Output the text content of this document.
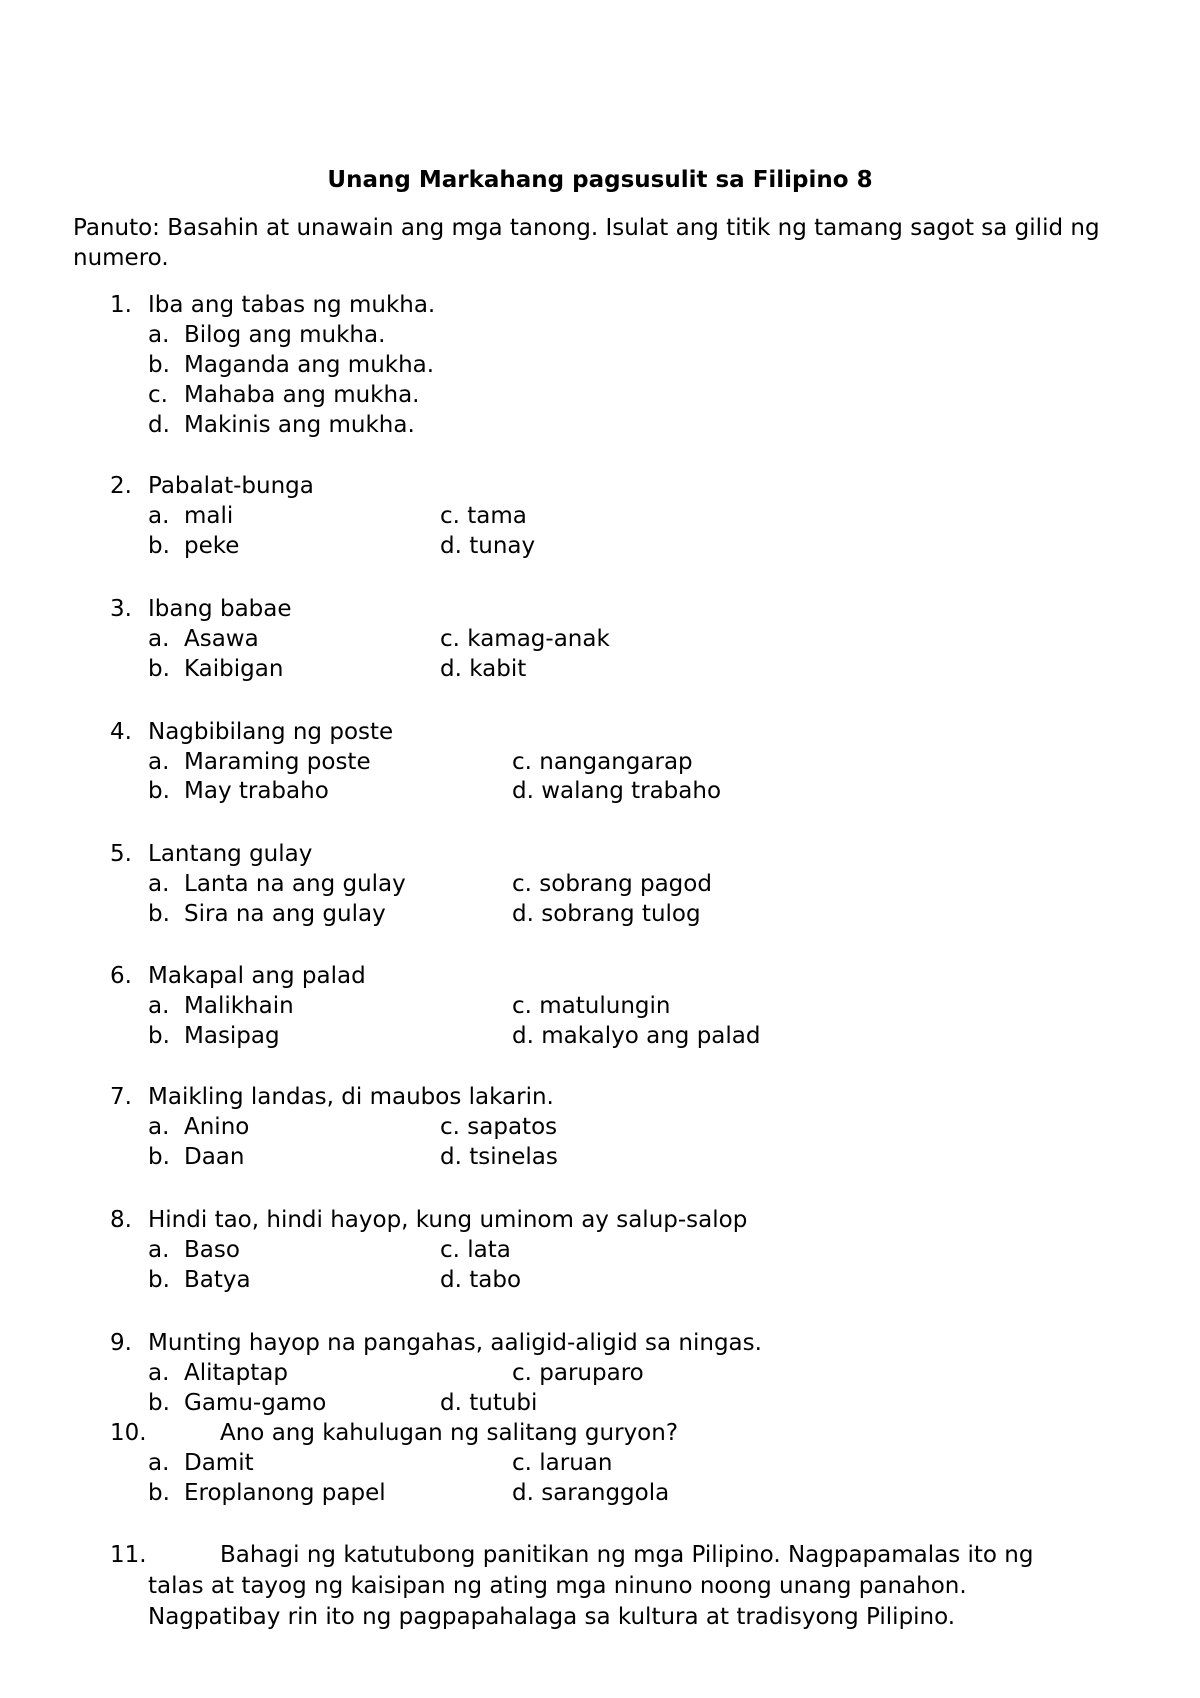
Unang Markahang pagsusulit sa Filipino 8
Panuto: Basahin at unawain ang mga tanong. Isulat ang titik ng tamang sagot sa gilid ng numero.
1. Iba ang tabas ng mukha.
a. Bilog ang mukha.
b. Maganda ang mukha.
c. Mahaba ang mukha.
d. Makinis ang mukha.
2. Pabalat-bunga
a. mali	c. tama
b. peke	d. tunay
3. Ibang babae
a. Asawa	c. kamag-anak
b. Kaibigan	d. kabit
4. Nagbibilang ng poste
a. Maraming poste	c. nangangarap
b. May trabaho	d. walang trabaho
5. Lantang gulay
a. Lanta na ang gulay	c. sobrang pagod
b. Sira na ang gulay	d. sobrang tulog
6. Makapal ang palad
a. Malikhain	c. matulungin
b. Masipag	d. makalyo ang palad
7. Maikling landas, di maubos lakarin.
a. Anino	c. sapatos
b. Daan	d. tsinelas
8. Hindi tao, hindi hayop, kung uminom ay salup-salop
a. Baso	c. lata
b. Batya	d. tabo
9. Munting hayop na pangahas, aaligid-aligid sa ningas.
a. Alitaptap	c. paruparo
b. Gamu-gamo	d. tutubi
10.	Ano ang kahulugan ng salitang guryon?
a. Damit	c. laruan
b. Eroplanong papel	d. saranggola
11.	Bahagi ng katutubong panitikan ng mga Pilipino. Nagpapamalas ito ng
talas at tayog ng kaisipan ng ating mga ninuno noong unang panahon.
Nagpatibay rin ito ng pagpapahalaga sa kultura at tradisyong Pilipino.
